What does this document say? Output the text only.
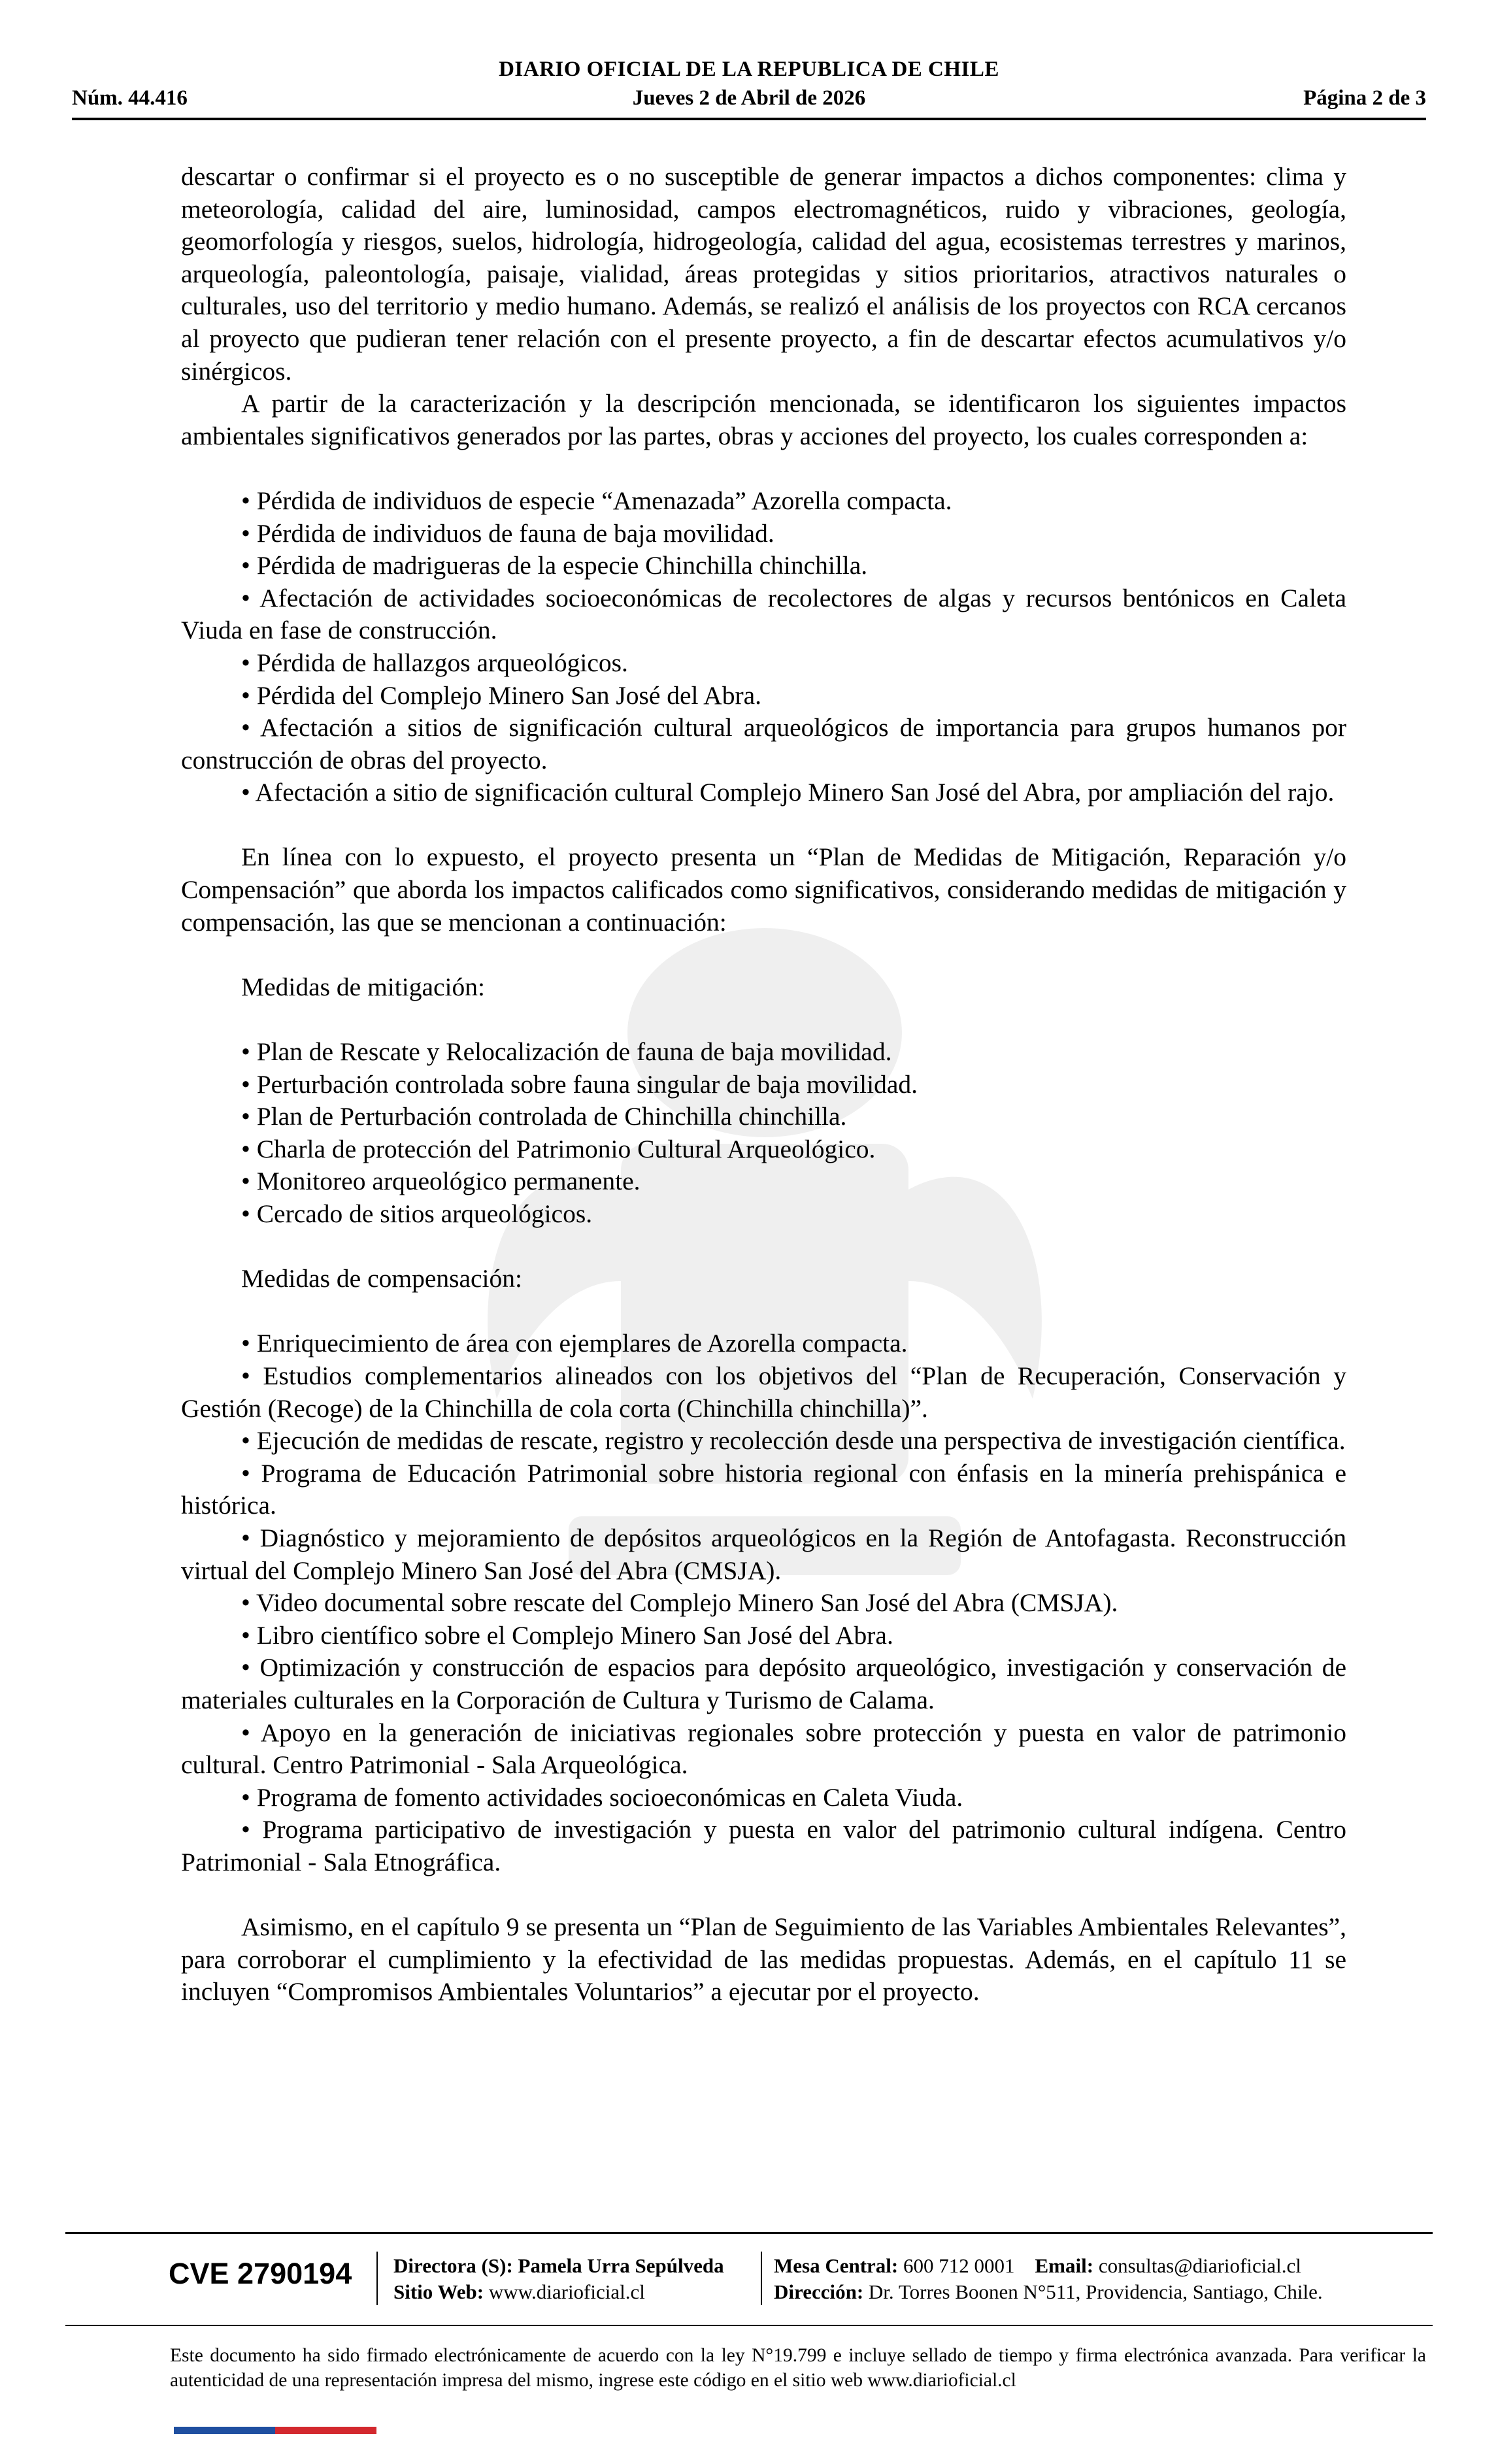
DIARIO OFICIAL DE LA REPUBLICA DE CHILE
Núm. 44.416	Jueves 2 de Abril de 2026	Página 2 de 3

descartar o confirmar si el proyecto es o no susceptible de generar impactos a dichos componentes: clima y meteorología, calidad del aire, luminosidad, campos electromagnéticos, ruido y vibraciones, geología, geomorfología y riesgos, suelos, hidrología, hidrogeología, calidad del agua, ecosistemas terrestres y marinos, arqueología, paleontología, paisaje, vialidad, áreas protegidas y sitios prioritarios, atractivos naturales o culturales, uso del territorio y medio humano. Además, se realizó el análisis de los proyectos con RCA cercanos al proyecto que pudieran tener relación con el presente proyecto, a fin de descartar efectos acumulativos y/o sinérgicos.

A partir de la caracterización y la descripción mencionada, se identificaron los siguientes impactos ambientales significativos generados por las partes, obras y acciones del proyecto, los cuales corresponden a:

• Pérdida de individuos de especie “Amenazada” Azorella compacta.

• Pérdida de individuos de fauna de baja movilidad.

• Pérdida de madrigueras de la especie Chinchilla chinchilla.

• Afectación de actividades socioeconómicas de recolectores de algas y recursos bentónicos en Caleta Viuda en fase de construcción.

• Pérdida de hallazgos arqueológicos.

• Pérdida del Complejo Minero San José del Abra.

• Afectación a sitios de significación cultural arqueológicos de importancia para grupos humanos por construcción de obras del proyecto.

• Afectación a sitio de significación cultural Complejo Minero San José del Abra, por ampliación del rajo.

En línea con lo expuesto, el proyecto presenta un “Plan de Medidas de Mitigación, Reparación y/o Compensación” que aborda los impactos calificados como significativos, considerando medidas de mitigación y compensación, las que se mencionan a continuación:

Medidas de mitigación:

• Plan de Rescate y Relocalización de fauna de baja movilidad.

• Perturbación controlada sobre fauna singular de baja movilidad.

• Plan de Perturbación controlada de Chinchilla chinchilla.

• Charla de protección del Patrimonio Cultural Arqueológico.

• Monitoreo arqueológico permanente.

• Cercado de sitios arqueológicos.

Medidas de compensación:

• Enriquecimiento de área con ejemplares de Azorella compacta.

• Estudios complementarios alineados con los objetivos del “Plan de Recuperación, Conservación y Gestión (Recoge) de la Chinchilla de cola corta (Chinchilla chinchilla)”.

• Ejecución de medidas de rescate, registro y recolección desde una perspectiva de investigación científica.

• Programa de Educación Patrimonial sobre historia regional con énfasis en la minería prehispánica e histórica.

• Diagnóstico y mejoramiento de depósitos arqueológicos en la Región de Antofagasta. Reconstrucción virtual del Complejo Minero San José del Abra (CMSJA).

• Video documental sobre rescate del Complejo Minero San José del Abra (CMSJA).

• Libro científico sobre el Complejo Minero San José del Abra.

• Optimización y construcción de espacios para depósito arqueológico, investigación y conservación de materiales culturales en la Corporación de Cultura y Turismo de Calama.

• Apoyo en la generación de iniciativas regionales sobre protección y puesta en valor de patrimonio cultural. Centro Patrimonial - Sala Arqueológica.

• Programa de fomento actividades socioeconómicas en Caleta Viuda.

• Programa participativo de investigación y puesta en valor del patrimonio cultural indígena. Centro Patrimonial - Sala Etnográfica.

Asimismo, en el capítulo 9 se presenta un “Plan de Seguimiento de las Variables Ambientales Relevantes”, para corroborar el cumplimiento y la efectividad de las medidas propuestas. Además, en el capítulo 11 se incluyen “Compromisos Ambientales Voluntarios” a ejecutar por el proyecto.

CVE 2790194 Directora (S): Pamela Urra Sepúlveda
Sitio Web: www.diarioficial.cl
Mesa Central: 600 712 0001 Email: consultas@diarioficial.cl
Dirección: Dr. Torres Boonen N°511, Providencia, Santiago, Chile.
Este documento ha sido firmado electrónicamente de acuerdo con la ley N°19.799 e incluye sellado de tiempo y firma electrónica avanzada. Para verificar la autenticidad de una representación impresa del mismo, ingrese este código en el sitio web www.diarioficial.cl
